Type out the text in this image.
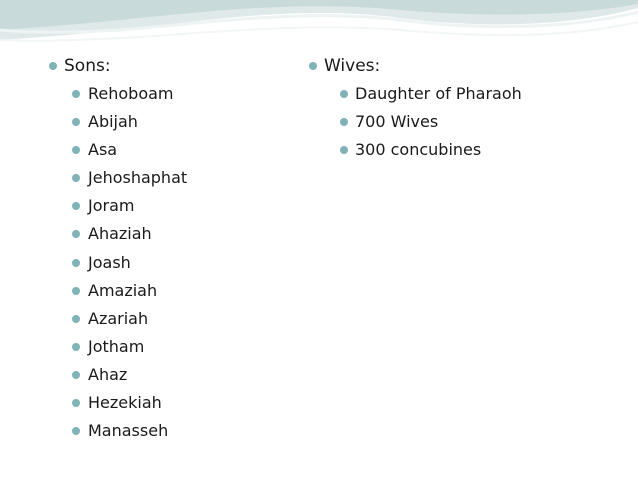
Sons:
Rehoboam
Abijah
Asa
Jehoshaphat
Joram
Ahaziah
Joash
Amaziah
Azariah
Jotham
Ahaz
Hezekiah
Manasseh
Wives:
Daughter of Pharaoh
700 Wives
300 concubines
